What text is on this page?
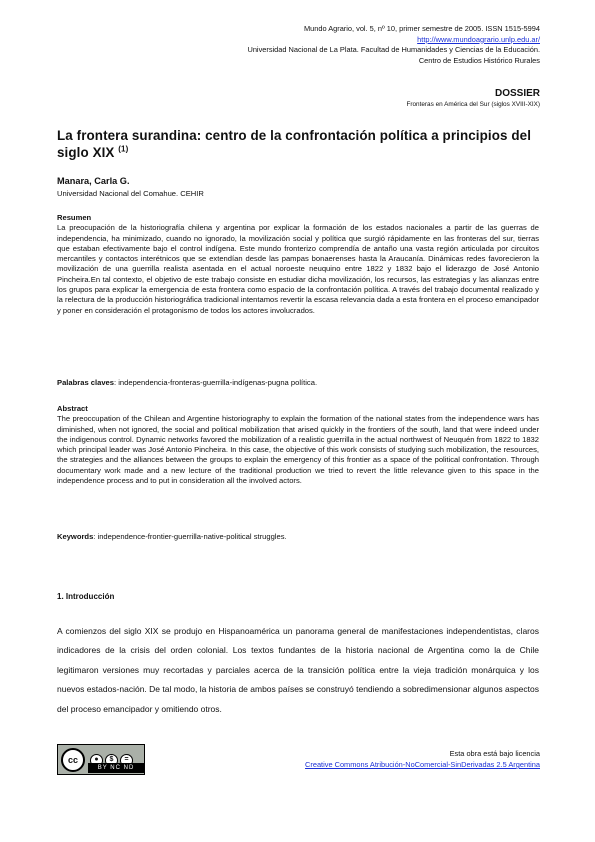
Mundo Agrario, vol. 5, nº 10, primer semestre de 2005. ISSN 1515-5994
http://www.mundoagrario.unlp.edu.ar/
Universidad Nacional de La Plata. Facultad de Humanidades y Ciencias de la Educación.
Centro de Estudios Histórico Rurales
DOSSIER
Fronteras en América del Sur (siglos XVIII-XIX)
La frontera surandina: centro de la confrontación política a principios del siglo XIX $^{(1)}$
Manara, Carla G.
Universidad Nacional del Comahue. CEHIR
Resumen
La preocupación de la historiografía chilena y argentina por explicar la formación de los estados nacionales a partir de las guerras de independencia, ha minimizado, cuando no ignorado, la movilización social y política que surgió rápidamente en las fronteras del sur, tierras que estaban efectivamente bajo el control indígena. Este mundo fronterizo comprendía de antaño una vasta región articulada por circuitos mercantiles y contactos interétnicos que se extendían desde las pampas bonaerenses hasta la Araucanía. Dinámicas redes favorecieron la movilización de una guerrilla realista asentada en el actual noroeste neuquino entre 1822 y 1832 bajo el liderazgo de José Antonio Pincheira.En tal contexto, el objetivo de este trabajo consiste en estudiar dicha movilización, los recursos, las estrategias y las alianzas entre los grupos para explicar la emergencia de esta frontera como espacio de la confrontación política. A través del trabajo documental realizado y la relectura de la producción historiográfica tradicional intentamos revertir la escasa relevancia dada a esta frontera en el proceso emancipador y poner en consideración el protagonismo de todos los actores involucrados.
Palabras claves: independencia-fronteras-guerrilla-indígenas-pugna política.
Abstract
The preoccupation of the Chilean and Argentine historiography to explain the formation of the national states from the independence wars has diminished, when not ignored, the social and political mobilization that arised quickly in the frontiers of the south, land that were indeed under the indigenous control. Dynamic networks favored the mobilization of a realistic guerrilla in the actual northwest of Neuquén from 1822 to 1832 which principal leader was José Antonio Pincheira. In this case, the objective of this work consists of studying such mobilization, the resources, the strategies and the alliances between the groups to explain the emergency of this frontier as a space of the political confrontation. Through documentary work made and a new lecture of the traditional production we tried to revert the little relevance given to this space in the independence process and to put in consideration all the involved actors.
Keywords: independence-frontier-guerrilla-native-political struggles.
1. Introducción
A comienzos del siglo XIX se produjo en Hispanoamérica un panorama general de manifestaciones independentistas, claros indicadores de la crisis del orden colonial. Los textos fundantes de la historia nacional de Argentina como la de Chile legitimaron versiones muy recortadas y parciales acerca de la transición política entre la vieja tradición monárquica y los nuevos estados-nación. De tal modo, la historia de ambos países se construyó tendiendo a sobredimensionar algunos aspectos del proceso emancipador y omitiendo otros.
cc	● $ =
BY NC ND
Esta obra está bajo licencia
Creative Commons Atribución-NoComercial-SinDerivadas 2.5 Argentina
